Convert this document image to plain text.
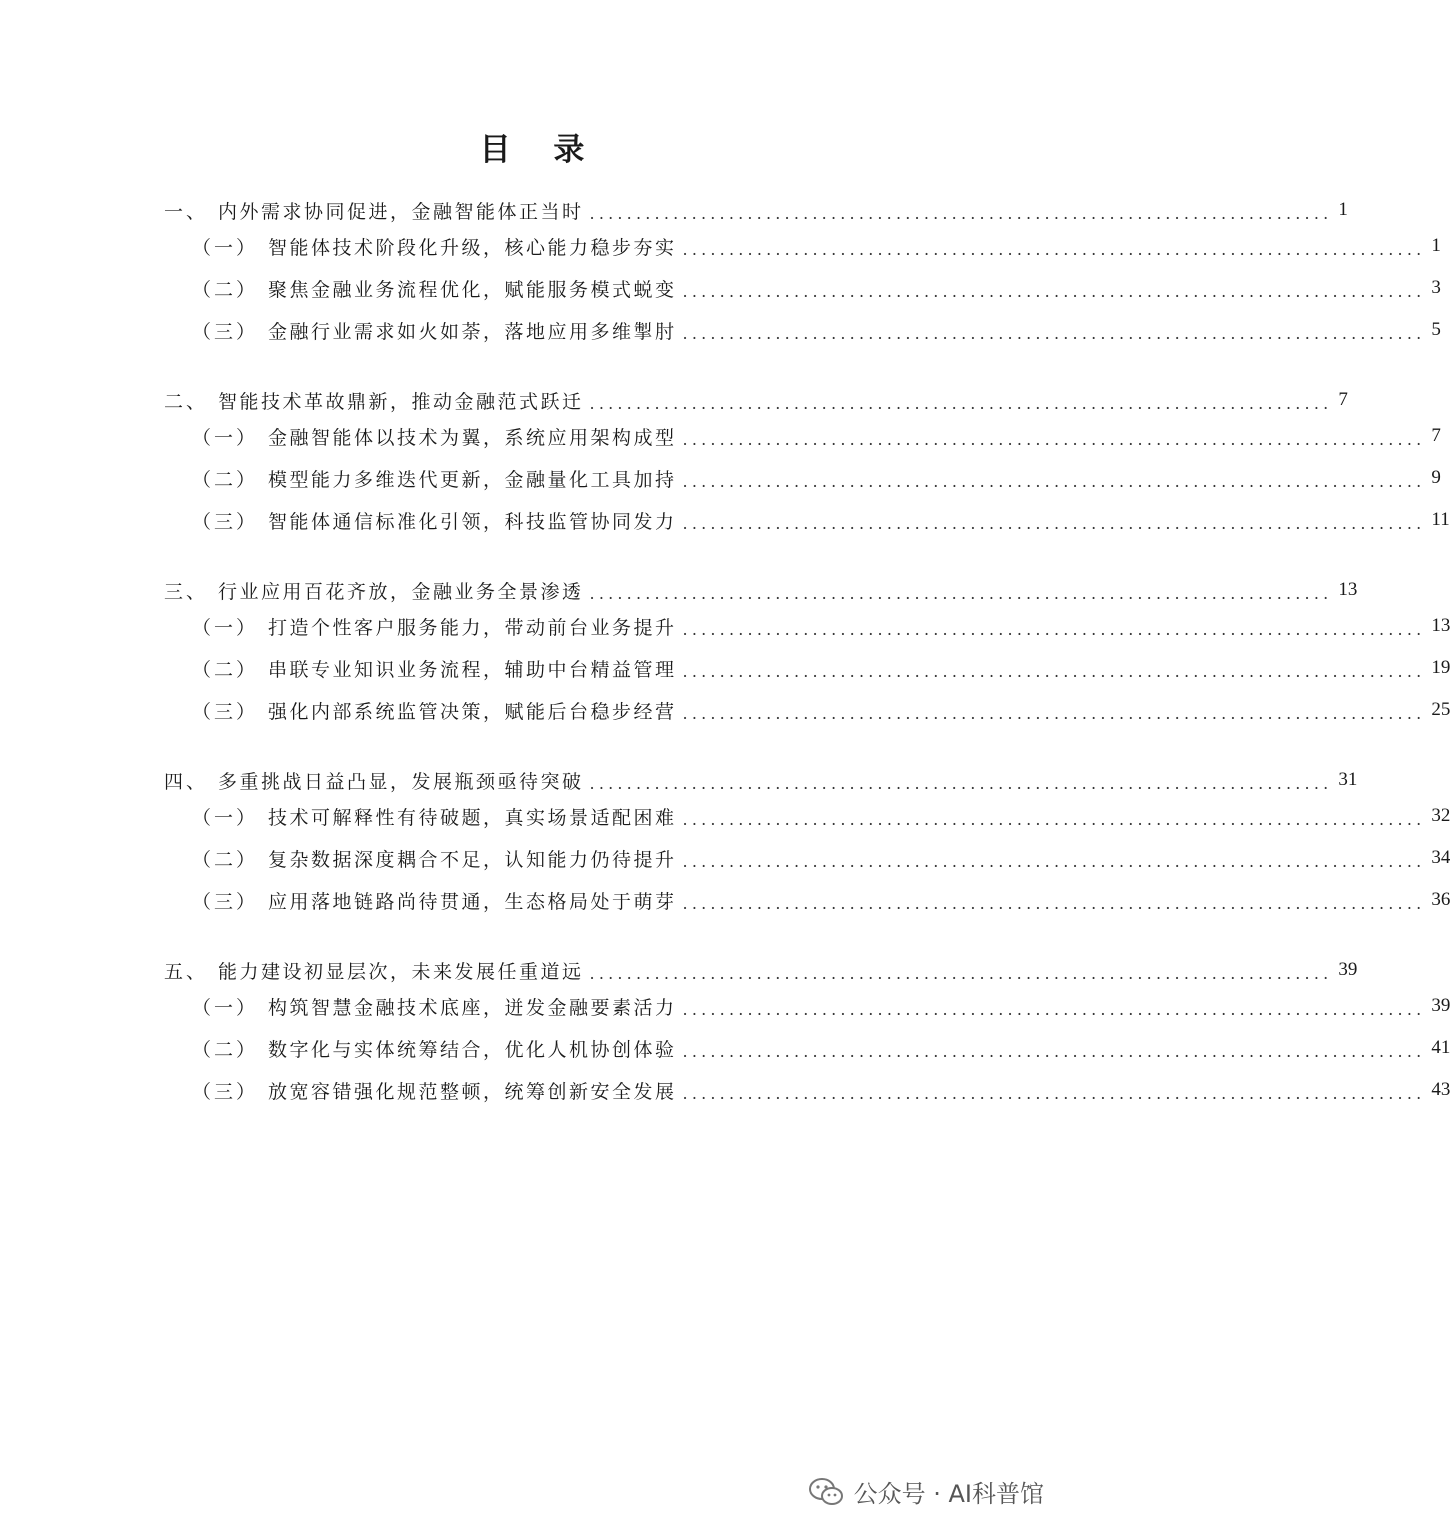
目 录
一、 内外需求协同促进，金融智能体正当时 ................................................................................ 1
（一） 智能体技术阶段化升级，核心能力稳步夯实 ................................................................................ 1
（二） 聚焦金融业务流程优化，赋能服务模式蜕变 ................................................................................ 3
（三） 金融行业需求如火如荼，落地应用多维掣肘 ................................................................................ 5
二、 智能技术革故鼎新，推动金融范式跃迁 ................................................................................ 7
（一） 金融智能体以技术为翼，系统应用架构成型 ................................................................................ 7
（二） 模型能力多维迭代更新，金融量化工具加持 ................................................................................ 9
（三） 智能体通信标准化引领，科技监管协同发力 ................................................................................ 11
三、 行业应用百花齐放，金融业务全景渗透 ................................................................................ 13
（一） 打造个性客户服务能力，带动前台业务提升 ................................................................................ 13
（二） 串联专业知识业务流程，辅助中台精益管理 ................................................................................ 19
（三） 强化内部系统监管决策，赋能后台稳步经营 ................................................................................ 25
四、 多重挑战日益凸显，发展瓶颈亟待突破 ................................................................................ 31
（一） 技术可解释性有待破题，真实场景适配困难 ................................................................................ 32
（二） 复杂数据深度耦合不足，认知能力仍待提升 ................................................................................ 34
（三） 应用落地链路尚待贯通，生态格局处于萌芽 ................................................................................ 36
五、 能力建设初显层次，未来发展任重道远 ................................................................................ 39
（一） 构筑智慧金融技术底座，迸发金融要素活力 ................................................................................ 39
（二） 数字化与实体统筹结合，优化人机协创体验 ................................................................................ 41
（三） 放宽容错强化规范整顿，统筹创新安全发展 ................................................................................ 43
公众号 · AI科普馆
